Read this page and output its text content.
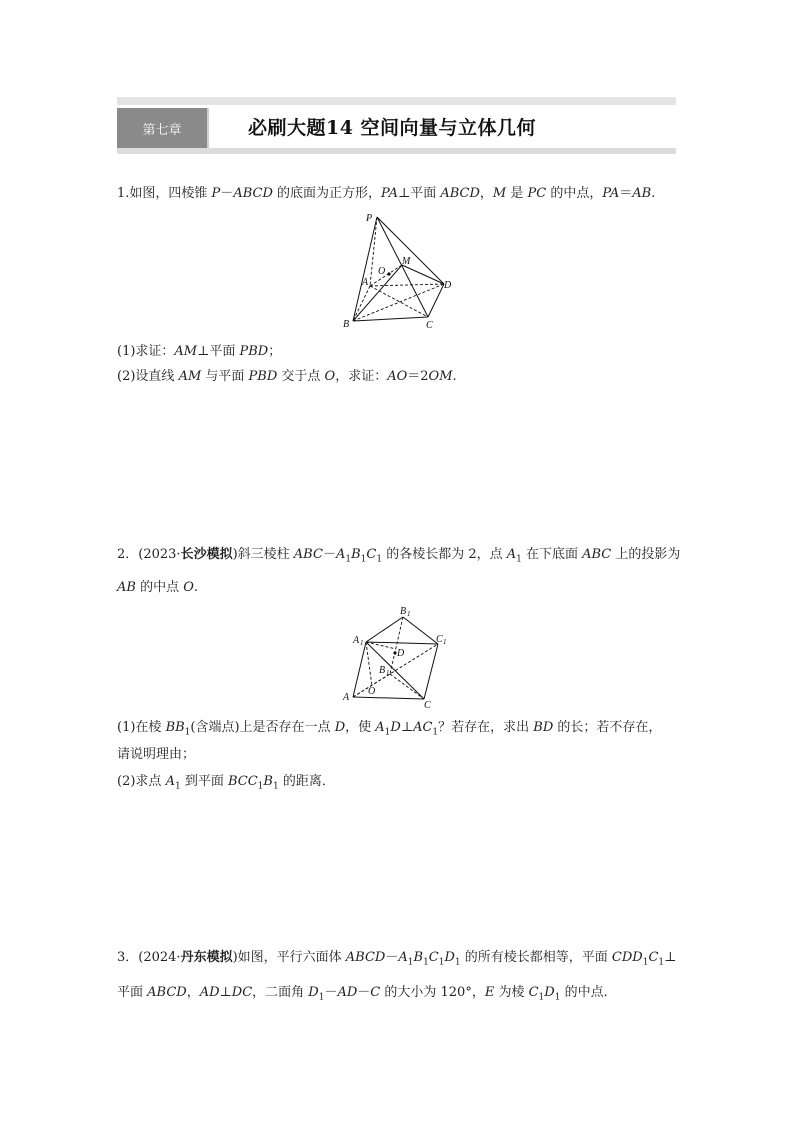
第七章	必刷大题14 空间向量与立体几何
1.如图，四棱锥 P－ABCD 的底面为正方形，PA⊥平面 ABCD，M 是 PC 的中点，PA＝AB.
P
M
O
A	D
B	C
(1)求证：AM⊥平面 PBD；
(2)设直线 AM 与平面 PBD 交于点 O，求证：AO＝2OM.
2．(2023·长沙模拟)斜三棱柱 $ABC-A_1B_1C_1$ 的各棱长都为 2，点 $A_1$ 在下底面 ABC 上的投影为
AB 的中点 O.
B 1
A 1	C 1
D
B 1
A
O
C
(1)在棱 $BB_1$(含端点)上是否存在一点 D，使 $A_1D\perp AC_1$？若存在，求出 BD 的长；若不存在，
请说明理由；
(2)求点 $A_1$ 到平面 $BCC_1B_1$ 的距离．
3．(2024·丹东模拟)如图，平行六面体 $ABCD-A_1B_1C_1D_1$ 的所有棱长都相等，平面 $CDD_1C_1\perp$
平面 ABCD，AD⊥DC，二面角 $D_1-AD-C$ 的大小为 120°，E 为棱 $C_1D_1$ 的中点．
